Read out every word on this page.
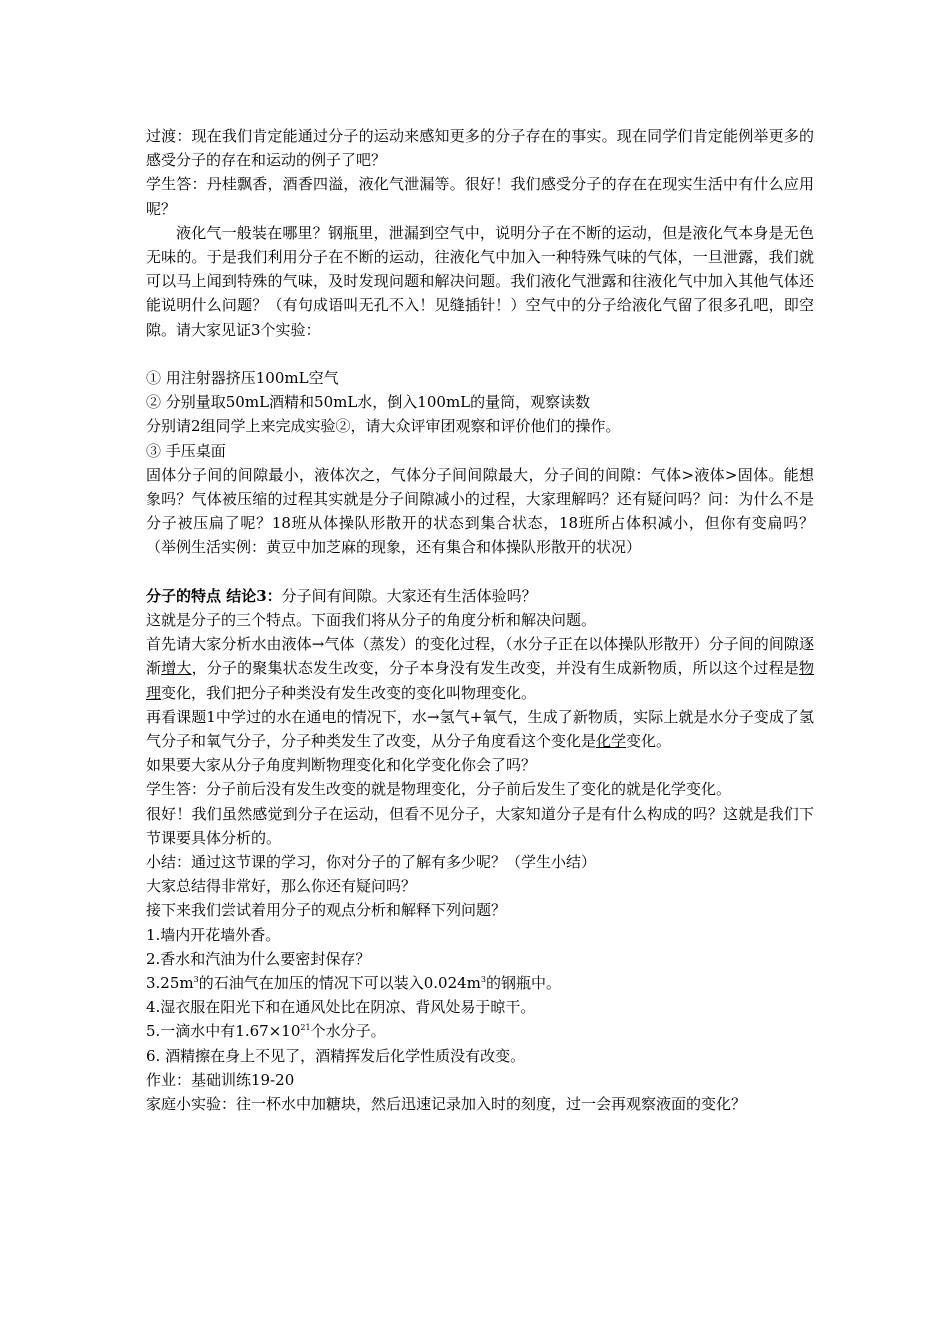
过渡：现在我们肯定能通过分子的运动来感知更多的分子存在的事实。现在同学们肯定能例举更多的感受分子的存在和运动的例子了吧？

学生答：丹桂飘香，酒香四溢，液化气泄漏等。很好！我们感受分子的存在在现实生活中有什么应用呢？

液化气一般装在哪里？钢瓶里，泄漏到空气中，说明分子在不断的运动，但是液化气本身是无色无味的。于是我们利用分子在不断的运动，往液化气中加入一种特殊气味的气体，一旦泄露，我们就可以马上闻到特殊的气味，及时发现问题和解决问题。我们液化气泄露和往液化气中加入其他气体还能说明什么问题？（有句成语叫无孔不入！见缝插针！）空气中的分子给液化气留了很多孔吧，即空隙。请大家见证3个实验：

① 用注射器挤压100mL空气

② 分别量取50mL酒精和50mL水，倒入100mL的量筒，观察读数

分别请2组同学上来完成实验②，请大众评审团观察和评价他们的操作。

③ 手压桌面

固体分子间的间隙最小，液体次之，气体分子间间隙最大，分子间的间隙：气体>液体>固体。能想象吗？气体被压缩的过程其实就是分子间隙减小的过程，大家理解吗？还有疑问吗？问：为什么不是分子被压扁了呢？18班从体操队形散开的状态到集合状态，18班所占体积减小，但你有变扁吗？（举例生活实例：黄豆中加芝麻的现象，还有集合和体操队形散开的状况）

分子的特点 结论3：分子间有间隙。大家还有生活体验吗？

这就是分子的三个特点。下面我们将从分子的角度分析和解决问题。

首先请大家分析水由液体→气体（蒸发）的变化过程，（水分子正在以体操队形散开）分子间的间隙逐渐增大，分子的聚集状态发生改变，分子本身没有发生改变，并没有生成新物质，所以这个过程是物理变化，我们把分子种类没有发生改变的变化叫物理变化。

再看课题1中学过的水在通电的情况下，水→氢气+氧气，生成了新物质，实际上就是水分子变成了氢气分子和氧气分子，分子种类发生了改变，从分子角度看这个变化是化学变化。

如果要大家从分子角度判断物理变化和化学变化你会了吗？

学生答：分子前后没有发生改变的就是物理变化，分子前后发生了变化的就是化学变化。

很好！我们虽然感觉到分子在运动，但看不见分子，大家知道分子是有什么构成的吗？这就是我们下节课要具体分析的。

小结：通过这节课的学习，你对分子的了解有多少呢？（学生小结）

大家总结得非常好，那么你还有疑问吗？

接下来我们尝试着用分子的观点分析和解释下列问题？

1.墙内开花墙外香。

2.香水和汽油为什么要密封保存？

$3.25m^3$的石油气在加压的情况下可以装入$0.024m^3$的钢瓶中。

4.湿衣服在阳光下和在通风处比在阴凉、背风处易于晾干。

5.一滴水中有$1.67\times 10^{21}$个水分子。

6. 酒精擦在身上不见了，酒精挥发后化学性质没有改变。

作业：基础训练19-20

家庭小实验：往一杯水中加糖块，然后迅速记录加入时的刻度，过一会再观察液面的变化？
